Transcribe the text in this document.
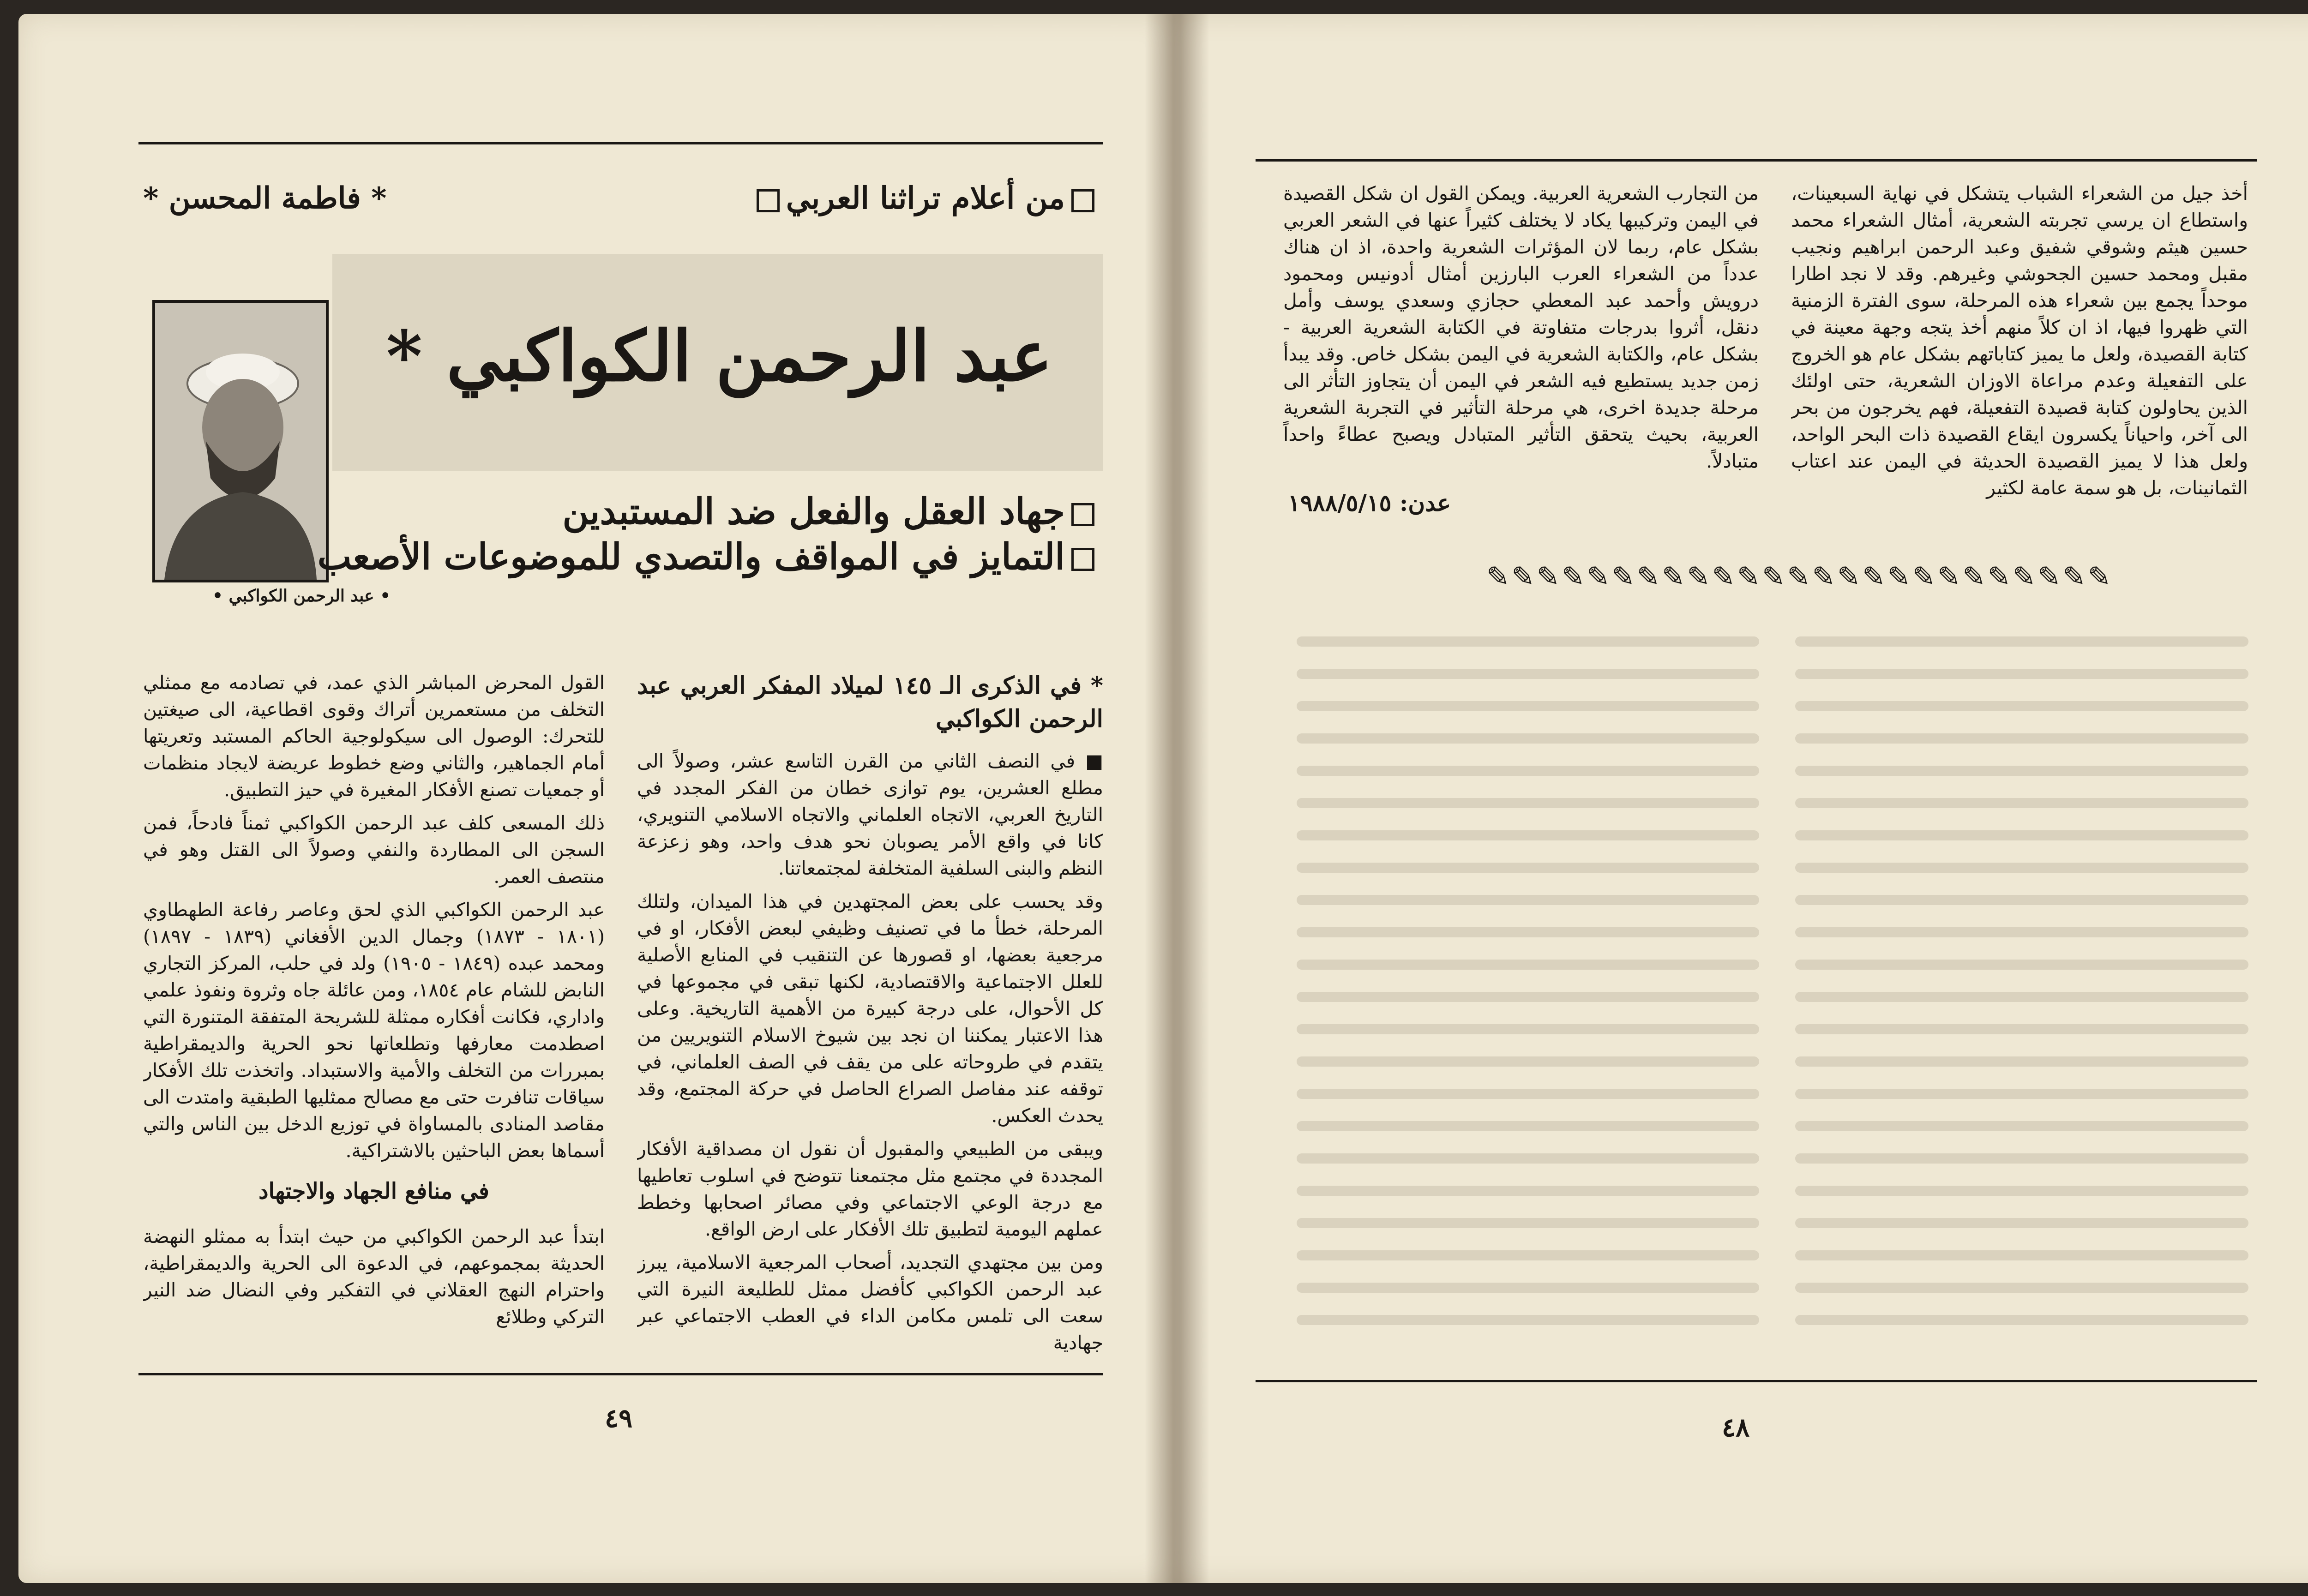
من أعلام تراثنا العربي
* فاطمة المحسن *
عبد الرحمن الكواكبي *
• عبد الرحمن الكواكبي •
جهاد العقل والفعل ضد المستبدين
التمايز في المواقف والتصدي للموضوعات الأصعب
* في الذكرى الـ ١٤٥ لميلاد المفكر العربي عبد الرحمن الكواكبي

■ في النصف الثاني من القرن التاسع عشر، وصولاً الى مطلع العشرين، يوم توازى خطان من الفكر المجدد في التاريخ العربي، الاتجاه العلماني والاتجاه الاسلامي التنويري، كانا في واقع الأمر يصوبان نحو هدف واحد، وهو زعزعة النظم والبنى السلفية المتخلفة لمجتمعاتنا.

وقد يحسب على بعض المجتهدين في هذا الميدان، ولتلك المرحلة، خطأ ما في تصنيف وظيفي لبعض الأفكار، او في مرجعية بعضها، او قصورها عن التنقيب في المنابع الأصلية للعلل الاجتماعية والاقتصادية، لكنها تبقى في مجموعها في كل الأحوال، على درجة كبيرة من الأهمية التاريخية. وعلى هذا الاعتبار يمكننا ان نجد بين شيوخ الاسلام التنويريين من يتقدم في طروحاته على من يقف في الصف العلماني، في توقفه عند مفاصل الصراع الحاصل في حركة المجتمع، وقد يحدث العكس.

ويبقى من الطبيعي والمقبول أن نقول ان مصداقية الأفكار المجددة في مجتمع مثل مجتمعنا تتوضح في اسلوب تعاطيها مع درجة الوعي الاجتماعي وفي مصائر اصحابها وخطط عملهم اليومية لتطبيق تلك الأفكار على ارض الواقع.

ومن بين مجتهدي التجديد، أصحاب المرجعية الاسلامية، يبرز عبد الرحمن الكواكبي كأفضل ممثل للطليعة النيرة التي سعت الى تلمس مكامن الداء في العطب الاجتماعي عبر جهادية

القول المحرض المباشر الذي عمد، في تصادمه مع ممثلي التخلف من مستعمرين أتراك وقوى اقطاعية، الى صيغتين للتحرك: الوصول الى سيكولوجية الحاكم المستبد وتعريتها أمام الجماهير، والثاني وضع خطوط عريضة لايجاد منظمات أو جمعيات تصنع الأفكار المغيرة في حيز التطبيق.

ذلك المسعى كلف عبد الرحمن الكواكبي ثمناً فادحاً، فمن السجن الى المطاردة والنفي وصولاً الى القتل وهو في منتصف العمر.

عبد الرحمن الكواكبي الذي لحق وعاصر رفاعة الطهطاوي (١٨٠١ - ١٨٧٣) وجمال الدين الأفغاني (١٨٣٩ - ١٨٩٧) ومحمد عبده (١٨٤٩ - ١٩٠٥) ولد في حلب، المركز التجاري النابض للشام عام ١٨٥٤، ومن عائلة جاه وثروة ونفوذ علمي واداري، فكانت أفكاره ممثلة للشريحة المتفقة المتنورة التي اصطدمت معارفها وتطلعاتها نحو الحرية والديمقراطية بمبررات من التخلف والأمية والاستبداد. واتخذت تلك الأفكار سياقات تنافرت حتى مع مصالح ممثليها الطبقية وامتدت الى مقاصد المنادى بالمساواة في توزيع الدخل بين الناس والتي أسماها بعض الباحثين بالاشتراكية.

في منافع الجهاد والاجتهاد

ابتدأ عبد الرحمن الكواكبي من حيث ابتدأ به ممثلو النهضة الحديثة بمجموعهم، في الدعوة الى الحرية والديمقراطية، واحترام النهج العقلاني في التفكير وفي النضال ضد النير التركي وطلائع

٤٩

أخذ جيل من الشعراء الشباب يتشكل في نهاية السبعينات، واستطاع ان يرسي تجربته الشعرية، أمثال الشعراء محمد حسين هيثم وشوقي شفيق وعبد الرحمن ابراهيم ونجيب مقبل ومحمد حسين الجحوشي وغيرهم. وقد لا نجد اطارا موحداً يجمع بين شعراء هذه المرحلة، سوى الفترة الزمنية التي ظهروا فيها، اذ ان كلاً منهم أخذ يتجه وجهة معينة في كتابة القصيدة، ولعل ما يميز كتاباتهم بشكل عام هو الخروج على التفعيلة وعدم مراعاة الاوزان الشعرية، حتى اولئك الذين يحاولون كتابة قصيدة التفعيلة، فهم يخرجون من بحر الى آخر، واحياناً يكسرون ايقاع القصيدة ذات البحر الواحد، ولعل هذا لا يميز القصيدة الحديثة في اليمن عند اعتاب الثمانينات، بل هو سمة عامة لكثير

من التجارب الشعرية العربية. ويمكن القول ان شكل القصيدة في اليمن وتركيبها يكاد لا يختلف كثيراً عنها في الشعر العربي بشكل عام، ربما لان المؤثرات الشعرية واحدة، اذ ان هناك عدداً من الشعراء العرب البارزين أمثال أدونيس ومحمود درويش وأحمد عبد المعطي حجازي وسعدي يوسف وأمل دنقل، أثروا بدرجات متفاوتة في الكتابة الشعرية العربية - بشكل عام، والكتابة الشعرية في اليمن بشكل خاص. وقد يبدأ زمن جديد يستطيع فيه الشعر في اليمن أن يتجاوز التأثر الى مرحلة جديدة اخرى، هي مرحلة التأثير في التجربة الشعرية العربية، بحيث يتحقق التأثير المتبادل ويصبح عطاءً واحداً متبادلاً.

عدن: ١٩٨٨/٥/١٥
✎✎✎✎✎✎✎✎✎✎✎✎✎✎✎✎✎✎✎✎✎✎✎✎✎
٤٨
